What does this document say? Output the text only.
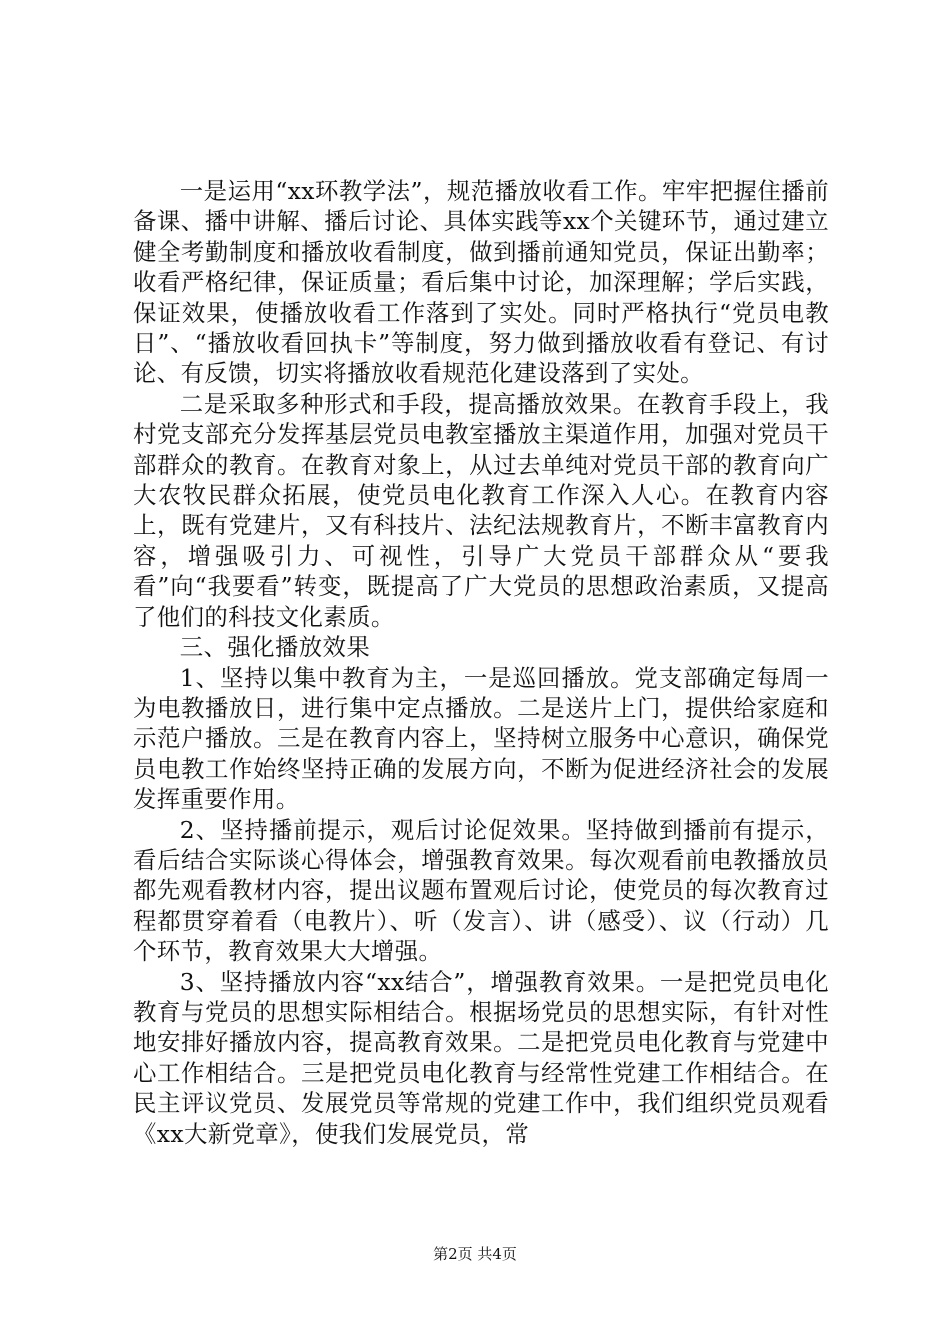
一是运用“xx环教学法”，规范播放收看工作。牢牢把握住播前备课、播中讲解、播后讨论、具体实践等xx个关键环节，通过建立健全考勤制度和播放收看制度，做到播前通知党员，保证出勤率；收看严格纪律，保证质量；看后集中讨论，加深理解；学后实践，保证效果，使播放收看工作落到了实处。同时严格执行“党员电教日”、“播放收看回执卡”等制度，努力做到播放收看有登记、有讨论、有反馈，切实将播放收看规范化建设落到了实处。

二是采取多种形式和手段，提高播放效果。在教育手段上，我村党支部充分发挥基层党员电教室播放主渠道作用，加强对党员干部群众的教育。在教育对象上，从过去单纯对党员干部的教育向广大农牧民群众拓展，使党员电化教育工作深入人心。在教育内容上，既有党建片，又有科技片、法纪法规教育片，不断丰富教育内容，增强吸引力、可视性，引导广大党员干部群众从“要我看”向“我要看”转变，既提高了广大党员的思想政治素质，又提高了他们的科技文化素质。

三、强化播放效果

1、坚持以集中教育为主，一是巡回播放。党支部确定每周一为电教播放日，进行集中定点播放。二是送片上门，提供给家庭和示范户播放。三是在教育内容上，坚持树立服务中心意识，确保党员电教工作始终坚持正确的发展方向，不断为促进经济社会的发展发挥重要作用。

2、坚持播前提示，观后讨论促效果。坚持做到播前有提示，看后结合实际谈心得体会，增强教育效果。每次观看前电教播放员都先观看教材内容，提出议题布置观后讨论，使党员的每次教育过程都贯穿着看（电教片）、听（发言）、讲（感受）、议（行动）几个环节，教育效果大大增强。

3、坚持播放内容“xx结合”，增强教育效果。一是把党员电化教育与党员的思想实际相结合。根据场党员的思想实际，有针对性地安排好播放内容，提高教育效果。二是把党员电化教育与党建中心工作相结合。三是把党员电化教育与经常性党建工作相结合。在民主评议党员、发展党员等常规的党建工作中，我们组织党员观看《xx大新党章》，使我们发展党员，常

第2页 共4页
